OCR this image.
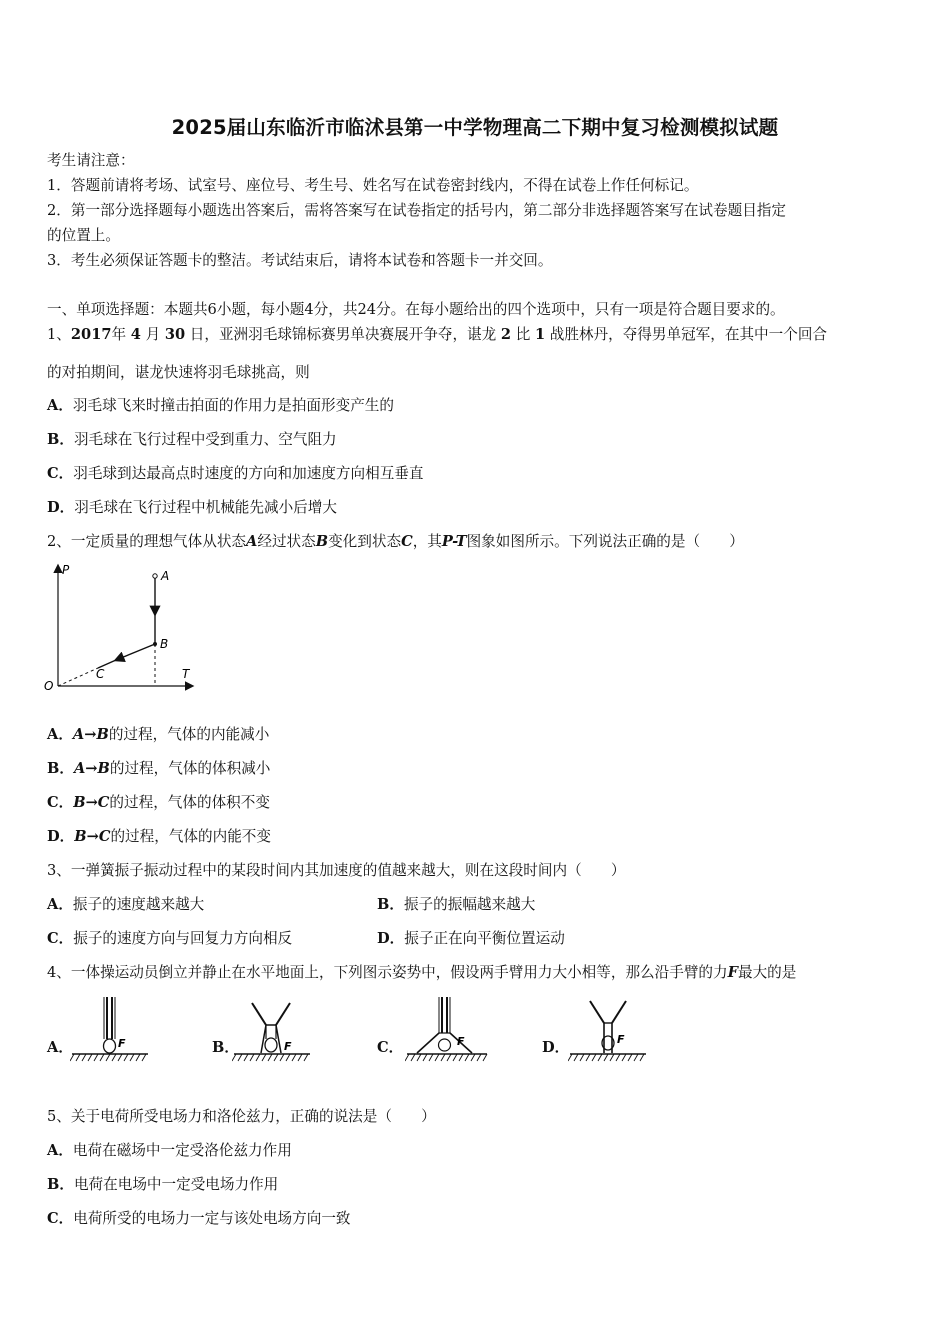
2025届山东临沂市临沭县第一中学物理高二下期中复习检测模拟试题
考生请注意：
1．答题前请将考场、试室号、座位号、考生号、姓名写在试卷密封线内，不得在试卷上作任何标记。
2．第一部分选择题每小题选出答案后，需将答案写在试卷指定的括号内，第二部分非选择题答案写在试卷题目指定
的位置上。
3．考生必须保证答题卡的整洁。考试结束后，请将本试卷和答题卡一并交回。
一、单项选择题：本题共6小题，每小题4分，共24分。在每小题给出的四个选项中，只有一项是符合题目要求的。
1、2017年 4 月 30 日，亚洲羽毛球锦标赛男单决赛展开争夺，谌龙 2 比 1 战胜林丹，夺得男单冠军，在其中一个回合
的对拍期间，谌龙快速将羽毛球挑高，则
A．羽毛球飞来时撞击拍面的作用力是拍面形变产生的
B．羽毛球在飞行过程中受到重力、空气阻力
C．羽毛球到达最高点时速度的方向和加速度方向相互垂直
D．羽毛球在飞行过程中机械能先减小后增大
2、一定质量的理想气体从状态A经过状态B变化到状态C，其P-T图象如图所示。下列说法正确的是（　　）
P
T
O
A
B
C
A．A→B的过程，气体的内能减小
B．A→B的过程，气体的体积减小
C．B→C的过程，气体的体积不变
D．B→C的过程，气体的内能不变
3、一弹簧振子振动过程中的某段时间内其加速度的值越来越大，则在这段时间内（　　）
A．振子的速度越来越大	B．振子的振幅越来越大
C．振子的速度方向与回复力方向相反	D．振子正在向平衡位置运动
4、一体操运动员倒立并静止在水平地面上，下列图示姿势中，假设两手臂用力大小相等，那么沿手臂的力F最大的是
A．	F	B．	F	C．	F	D．	F
5、关于电荷所受电场力和洛伦兹力，正确的说法是（　　）
A．电荷在磁场中一定受洛伦兹力作用
B．电荷在电场中一定受电场力作用
C．电荷所受的电场力一定与该处电场方向一致
